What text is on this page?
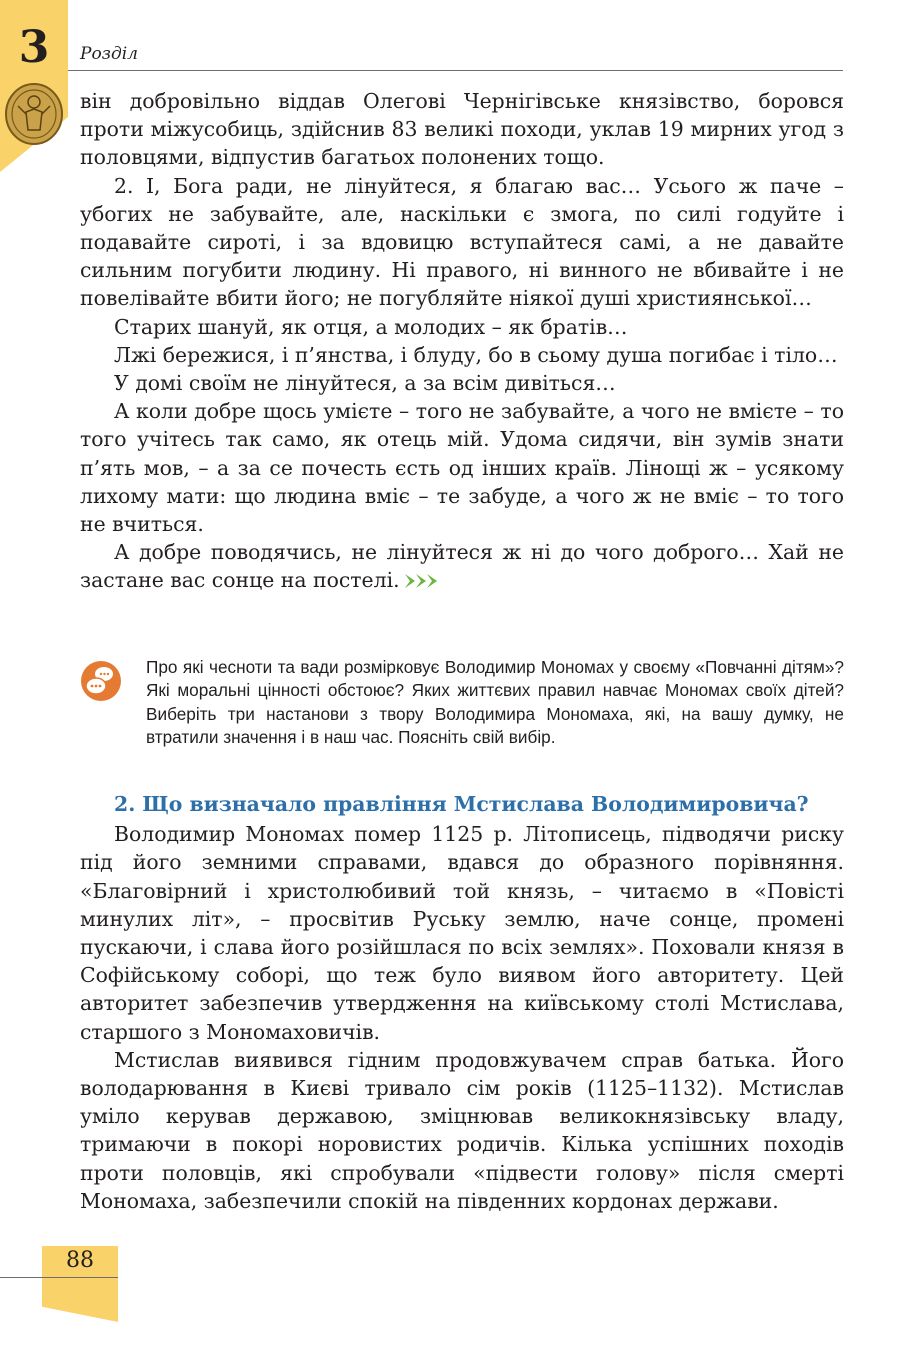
3	Розділ

він добровільно віддав Олегові Чернігівське князівство, боровся проти міжусобиць, здійснив 83 великі походи, уклав 19 мирних угод з половцями, відпустив багатьох полонених тощо.

2. І, Бога ради, не лінуйтеся, я благаю вас… Усього ж паче – убогих не забувайте, але, наскільки є змога, по силі годуйте і подавайте сироті, і за вдовицю вступайтеся самі, а не давайте сильним погубити людину. Ні правого, ні винного не вбивайте і не повелівайте вбити його; не погубляйте ніякої душі християнської…

Старих шануй, як отця, а молодих – як братів…

Лжі бережися, і п’янства, і блуду, бо в сьому душа погибає і тіло…

У домі своїм не лінуйтеся, а за всім дивіться…

А коли добре щось умієте – того не забувайте, а чого не вмієте – то того учітесь так само, як отець мій. Удома сидячи, він зумів знати п’ять мов, – а за се почесть єсть од інших країв. Лінощі ж – усякому лихому мати: що людина вміє – те забуде, а чого ж не вміє – то того не вчиться.

А добре поводячись, не лінуйтеся ж ні до чого доброго… Хай не застане вас сонце на постелі.

Про які чесноти та вади розмірковує Володимир Мономах у своєму «Повчанні дітям»? Які моральні цінності обстоює? Яких життєвих правил навчає Мономах своїх дітей? Виберіть три настанови з твору Володимира Мономаха, які, на вашу думку, не втратили значення і в наш час. Поясніть свій вибір.
2. Що визначало правління Мстислава Володимировича?

Володимир Мономах помер 1125 р. Літописець, підводячи риску під його земними справами, вдався до образного порівняння. «Благовірний і христолюбивий той князь, – читаємо в «Повісті минулих літ», – просвітив Руську землю, наче сонце, промені пускаючи, і слава його розійшлася по всіх землях». Поховали князя в Софійському соборі, що теж було виявом його авторитету. Цей авторитет забезпечив утвердження на київському столі Мстислава, старшого з Мономаховичів.

Мстислав виявився гідним продовжувачем справ батька. Його володарювання в Києві тривало сім років (1125–1132). Мстислав уміло керував державою, зміцнював великокнязівську владу, тримаючи в покорі норовистих родичів. Кілька успішних походів проти половців, які спробували «підвести голову» після смерті Мономаха, забезпечили спокій на південних кордонах держави.

88
